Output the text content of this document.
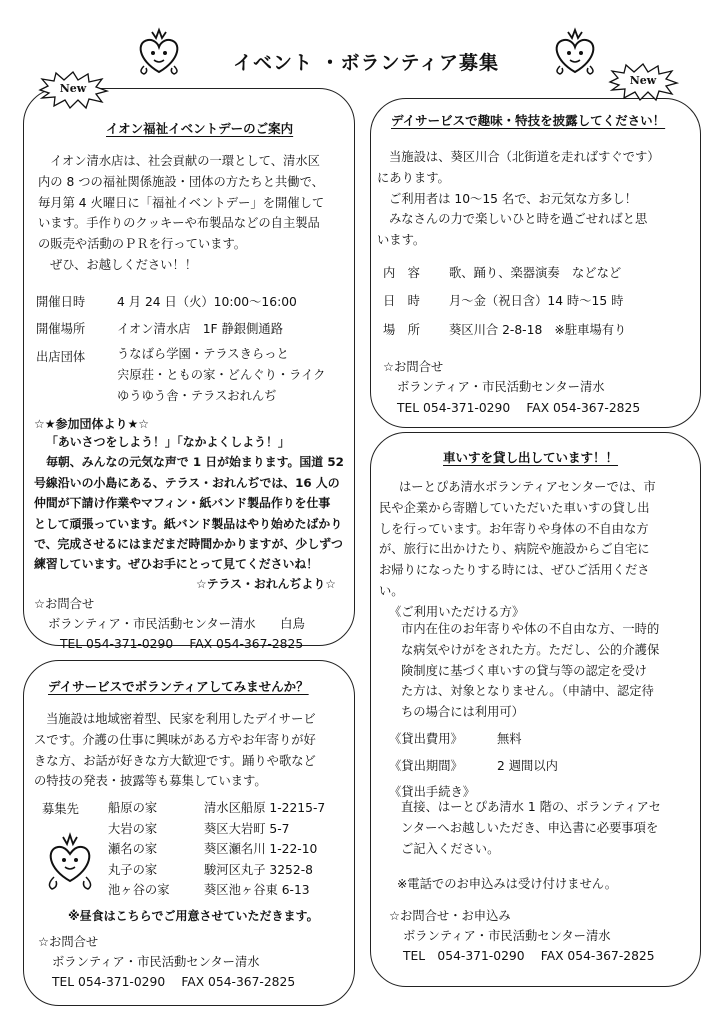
イベント ・ボランティア募集
イオン福祉イベントデーのご案内
イオン清水店は、社会貢献の一環として、清水区
内の 8 つの福祉関係施設・団体の方たちと共働で、
毎月第 4 火曜日に「福祉イベントデー」を開催して
います。手作りのクッキーや布製品などの自主製品
の販売や活動のＰＲを行っています。
ぜひ、お越しください！！
開催日時	4 月 24 日（火）10:00～16:00
開催場所	イオン清水店　1F 静銀側通路
出店団体	うなばら学園・テラスきらっと
宍原荘・ともの家・どんぐり・ライク
ゆうゆう舎・テラスおれんぢ
☆★参加団体より★☆
「あいさつをしよう！」「なかよくしよう！」
毎朝、みんなの元気な声で 1 日が始まります。国道 52
号線沿いの小島にある、テラス・おれんぢでは、16 人の
仲間が下請け作業やマフィン・紙バンド製品作りを仕事
として頑張っています。紙バンド製品はやり始めたばかり
で、完成させるにはまだまだ時間かかりますが、少しずつ
練習しています。ぜひお手にとって見てくださいね！
☆テラス・おれんぢより☆
☆お問合せ
ボランティア・市民活動センター清水　　白鳥
TEL 054-371-0290　 FAX 054-367-2825
New
デイサービスで趣味・特技を披露してください！
当施設は、葵区川合（北街道を走ればすぐです）
にあります。
ご利用者は 10～15 名で、お元気な方多し！
みなさんの力で楽しいひと時を過ごせればと思
います。
内　容 歌、踊り、楽器演奏　などなど
日　時 月～金（祝日含）14 時～15 時
場　所 葵区川合 2-8-18　※駐車場有り
☆お問合せ
ボランティア・市民活動センター清水
TEL 054-371-0290　 FAX 054-367-2825
New
デイサービスでボランティアしてみませんか？
当施設は地域密着型、民家を利用したデイサービ
スです。介護の仕事に興味がある方やお年寄りが好
きな方、お話が好きな方大歓迎です。踊りや歌など
の特技の発表・披露等も募集しています。
募集先 船原の家	清水区船原 1-2215-7
大岩の家	葵区大岩町 5-7
瀬名の家	葵区瀬名川 1-22-10
丸子の家	駿河区丸子 3252-8
池ヶ谷の家	葵区池ヶ谷東 6-13
※昼食はこちらでご用意させていただきます。
☆お問合せ
ボランティア・市民活動センター清水
TEL 054-371-0290　 FAX 054-367-2825
車いすを貸し出しています！！
はーとぴあ清水ボランティアセンターでは、市
民や企業から寄贈していただいた車いすの貸し出
しを行っています。お年寄りや身体の不自由な方
が、旅行に出かけたり、病院や施設からご自宅に
お帰りになったりする時には、ぜひご活用くださ
い。
《ご利用いただける方》
市内在住のお年寄りや体の不自由な方、一時的
な病気やけがをされた方。ただし、公的介護保
険制度に基づく車いすの貸与等の認定を受け
た方は、対象となりません。（申請中、認定待
ちの場合には利用可）
《貸出費用》	無料
《貸出期間》	2 週間以内
《貸出手続き》
直接、はーとぴあ清水 1 階の、ボランティアセ
ンターへお越しいただき、申込書に必要事項を
ご記入ください。
※電話でのお申込みは受け付けません。
☆お問合せ・お申込み
ボランティア・市民活動センター清水
TEL　054-371-0290　 FAX 054-367-2825
